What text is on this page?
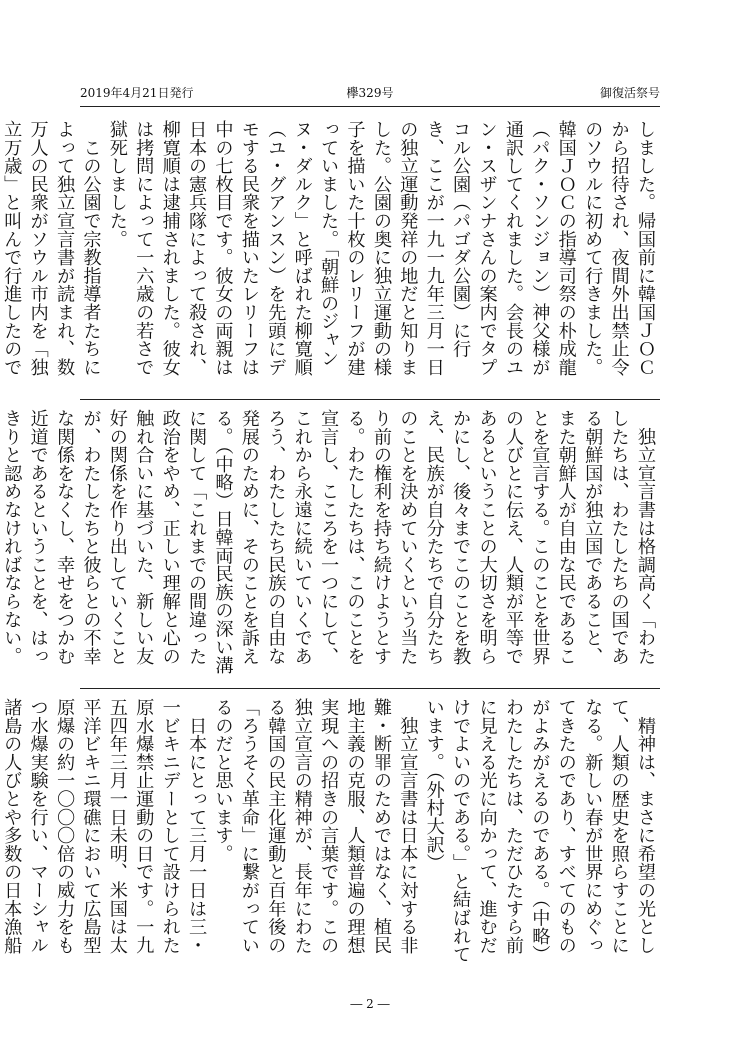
2019年4月21日発行	欅329号	御復活祭号

しました。帰国前に韓国ＪＯＣから招待され、夜間外出禁止令のソウルに初めて行きました。韓国ＪＯＣの指導司祭の朴成龍（パク・ソンジョン）神父様が通訳してくれました。会長のユン・スザンナさんの案内でタプコル公園（パゴダ公園）に行き、ここが一九一九年三月一日の独立運動発祥の地だと知りました。公園の奥に独立運動の様子を描いた十枚のレリーフが建っていました。「朝鮮のジャンヌ・ダルク」と呼ばれた柳寛順（ユ・グアンスン）を先頭にデモする民衆を描いたレリーフは中の七枚目です。彼女の両親は日本の憲兵隊によって殺され、柳寛順は逮捕されました。彼女は拷問によって一六歳の若さで獄死しました。

　この公園で宗教指導者たちによって独立宣言書が読まれ、数万人の民衆がソウル市内を「独立万歳」と叫んで行進したので

　独立宣言書は格調高く「わたしたちは、わたしたちの国である朝鮮国が独立国であること、また朝鮮人が自由な民であることを宣言する。このことを世界の人びとに伝え、人類が平等であるということの大切さを明らかにし、後々までこのことを教え、民族が自分たちで自分たちのことを決めていくという当たり前の権利を持ち続けようとする。わたしたちは、このことを宣言し、こころを一つにして、これから永遠に続いていくであろう、わたしたち民族の自由な発展のために、そのことを訴える。（中略）日韓両民族の深い溝に関して「これまでの間違った政治をやめ、正しい理解と心の触れ合いに基づいた、新しい友好の関係を作り出していくことが、わたしたちと彼らとの不幸な関係をなくし、幸せをつかむ近道であるということを、はっきりと認めなければならない。

　精神は、まさに希望の光として、人類の歴史を照らすことになる。新しい春が世界にめぐってきたのであり、すべてのものがよみがえるのである。（中略）わたしたちは、ただひたすら前に見える光に向かって、進むだけでよいのである。」と結ばれています。（外村大訳）

　独立宣言書は日本に対する非難・断罪のためではなく、植民地主義の克服、人類普遍の理想実現への招きの言葉です。この独立宣言の精神が、長年にわたる韓国の民主化運動と百年後の「ろうそく革命」に繋がっているのだと思います。

　日本にとって三月一日は三・一ビキニデーとして設けられた原水爆禁止運動の日です。一九五四年三月一日未明、米国は太平洋ビキニ環礁において広島型原爆の約一〇〇〇倍の威力をもつ水爆実験を行い、マーシャル諸島の人びとや多数の日本漁船

― 2 ―
